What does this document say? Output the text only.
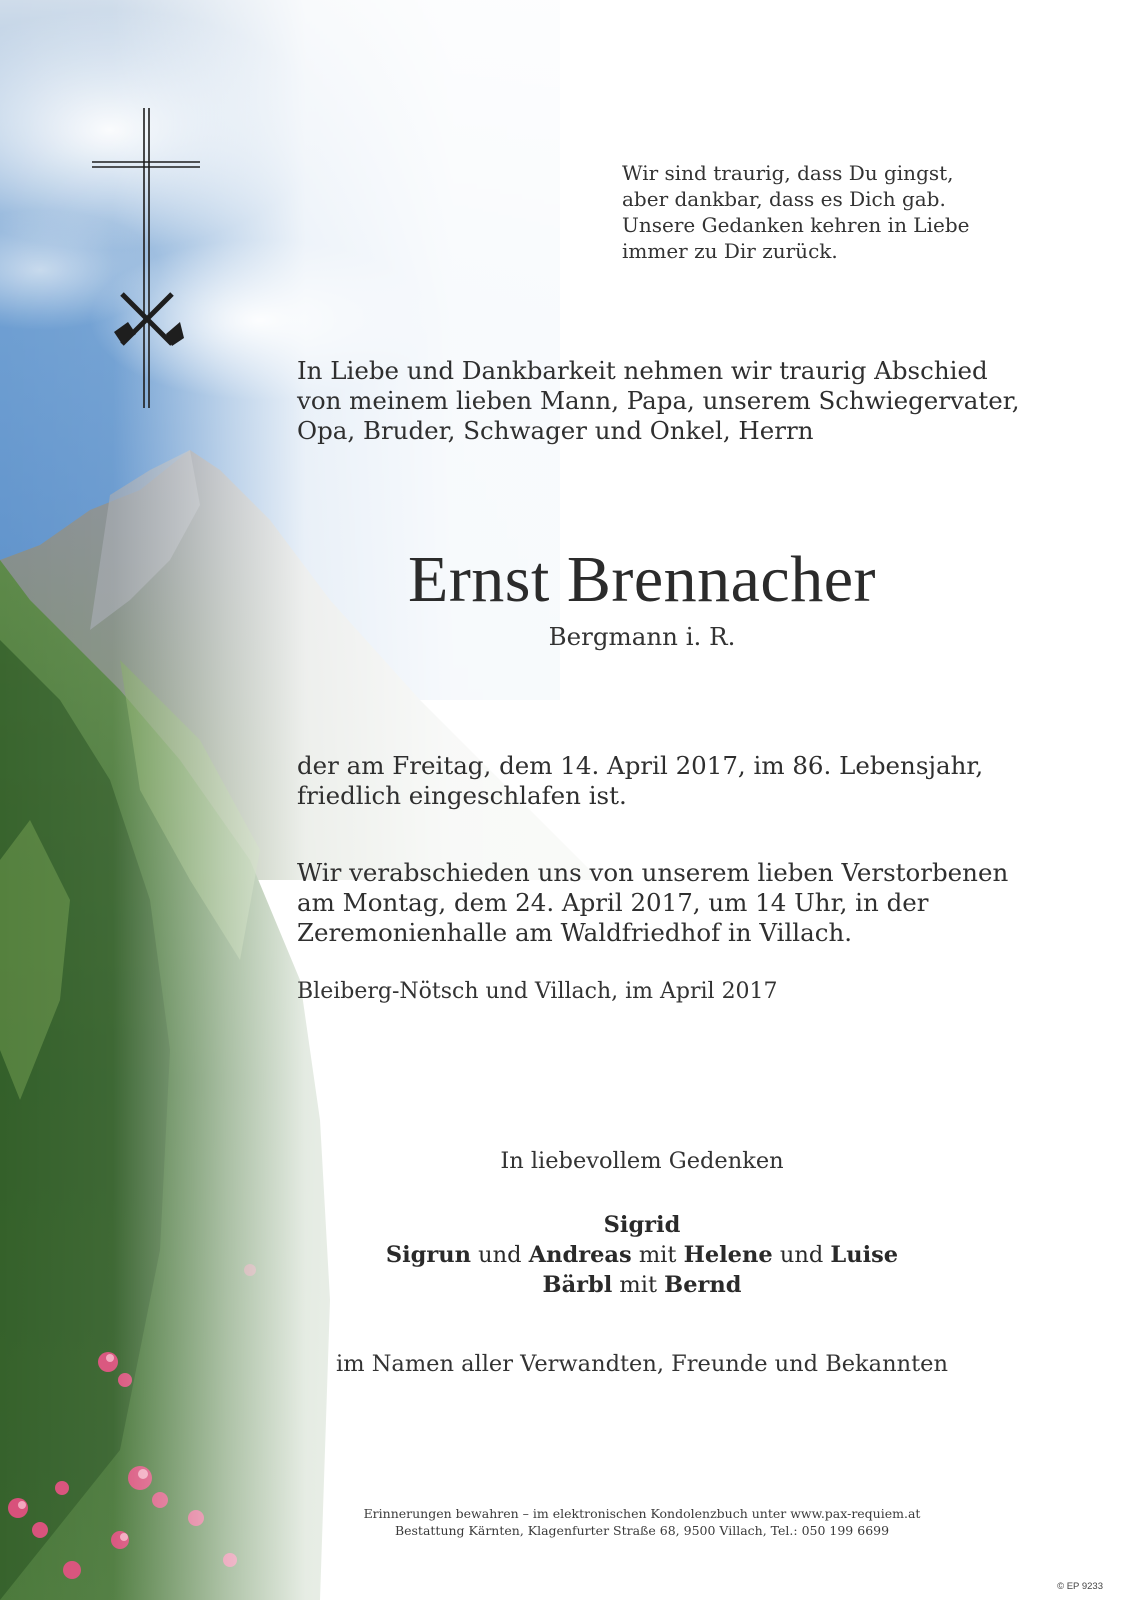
Wir sind traurig, dass Du gingst,
aber dankbar, dass es Dich gab.
Unsere Gedanken kehren in Liebe
immer zu Dir zurück.
In Liebe und Dankbarkeit nehmen wir traurig Abschied
von meinem lieben Mann, Papa, unserem Schwiegervater,
Opa, Bruder, Schwager und Onkel, Herrn
Ernst Brennacher
Bergmann i. R.
der am Freitag, dem 14. April 2017, im 86. Lebensjahr,
friedlich eingeschlafen ist.
Wir verabschieden uns von unserem lieben Verstorbenen
am Montag, dem 24. April 2017, um 14 Uhr, in der
Zeremonienhalle am Waldfriedhof in Villach.
Bleiberg-Nötsch und Villach, im April 2017
In liebevollem Gedenken
Sigrid
Sigrun und Andreas mit Helene und Luise
Bärbl mit Bernd
im Namen aller Verwandten, Freunde und Bekannten
Erinnerungen bewahren – im elektronischen Kondolenzbuch unter www.pax-requiem.at
Bestattung Kärnten, Klagenfurter Straße 68, 9500 Villach, Tel.: 050 199 6699
© EP 9233
